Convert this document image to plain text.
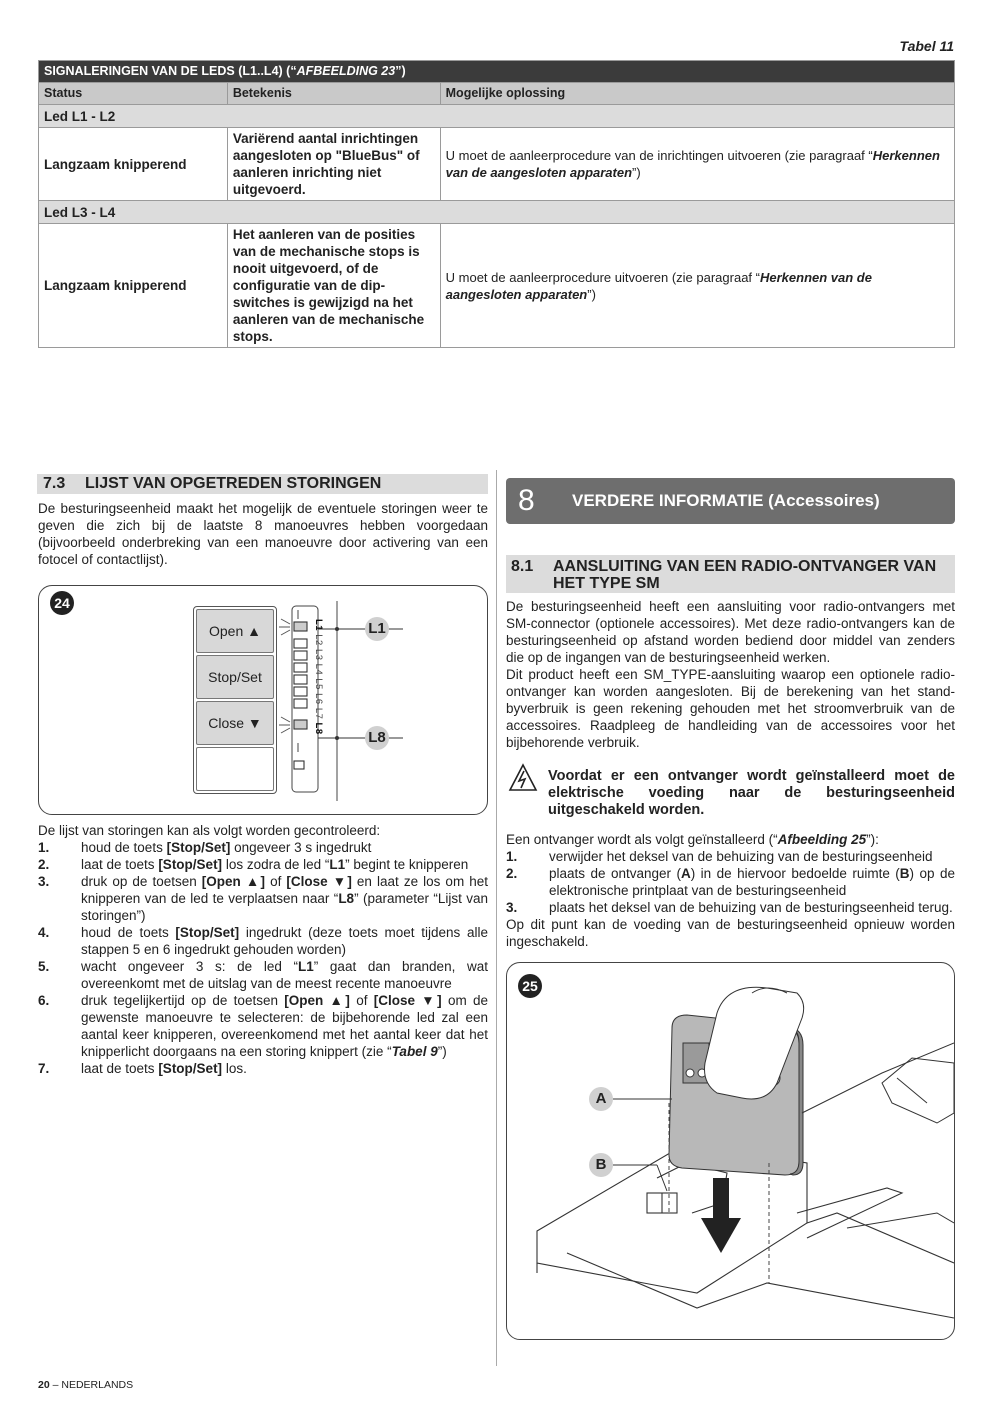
Tabel 11
SIGNALERINGEN VAN DE LEDS (L1..L4) (“AFBEELDING 23”)		
Status	Betekenis	Mogelijke oplossing
Led L1 - L2		
Langzaam knipperend	Variërend aantal inrichtingen aangesloten op "BlueBus" of aanleren inrichting niet uitgevoerd.	U moet de aanleerprocedure van de inrichtingen uitvoeren (zie paragraaf “Herkennen van de aangesloten apparaten”)
Led L3 - L4		
Langzaam knipperend	Het aanleren van de posities van de mechanische stops is nooit uitgevoerd, of de configuratie van de dip-switches is gewijzigd na het aanleren van de mechanische stops.	U moet de aanleerprocedure uitvoeren (zie paragraaf “Herkennen van de aangesloten apparaten”)
7.3 LIJST VAN OPGETREDEN STORINGEN

De besturingseenheid maakt het mogelijk de eventuele storingen weer te geven die zich bij de laatste 8 manoeuvres hebben voorgedaan (bijvoorbeeld onderbreking van een manoeuvre door activering van een fotocel of contactlijst).

24
Open ▲
Stop/Set
Close ▼
L1 L2 L3 L4 L5 L6 L7 L8
L1
L8

De lijst van storingen kan als volgt worden gecontroleerd:

1. houd de toets [Stop/Set] ongeveer 3 s ingedrukt
2. laat de toets [Stop/Set] los zodra de led “L1” begint te knipperen
3. druk op de toetsen [Open ▲] of [Close ▼] en laat ze los om het knipperen van de led te verplaatsen naar “L8” (parameter “Lijst van storingen”)
4. houd de toets [Stop/Set] ingedrukt (deze toets moet tijdens alle stappen 5 en 6 ingedrukt gehouden worden)
5. wacht ongeveer 3 s: de led “L1” gaat dan branden, wat overeenkomt met de uitslag van de meest recente manoeuvre
6. druk tegelijkertijd op de toetsen [Open ▲] of [Close ▼] om de gewenste manoeuvre te selecteren: de bijbehorende led zal een aantal keer knipperen, overeenkomend met het aantal keer dat het knipperlicht doorgaans na een storing knippert (zie “Tabel 9”)
7. laat de toets [Stop/Set] los.
8 VERDERE INFORMATIE (Accessoires)
8.1 AANSLUITING VAN EEN RADIO-ONTVANGER VAN HET TYPE SM

De besturingseenheid heeft een aansluiting voor radio-ontvangers met SM-connector (optionele accessoires). Met deze radio-ontvangers kan de besturingseenheid op afstand worden bediend door middel van zenders die op de ingangen van de besturingseenheid werken.

Dit product heeft een SM_TYPE-aansluiting waarop een optionele radio-ontvanger kan worden aangesloten. Bij de berekening van het stand-byverbruik is geen rekening gehouden met het stroomverbruik van de accessoires. Raadpleeg de handleiding van de accessoires voor het bijbehorende verbruik.

Voordat er een ontvanger wordt geïnstalleerd moet de elektrische voeding naar de besturingseenheid uitgeschakeld worden.

Een ontvanger wordt als volgt geïnstalleerd (“Afbeelding 25”):

1. verwijder het deksel van de behuizing van de besturingseenheid
2. plaats de ontvanger (A) in de hiervoor bedoelde ruimte (B) op de elektronische printplaat van de besturingseenheid
3. plaats het deksel van de behuizing van de besturingseenheid terug.

Op dit punt kan de voeding van de besturingseenheid opnieuw worden ingeschakeld.

25
A
B
20 – NEDERLANDS
